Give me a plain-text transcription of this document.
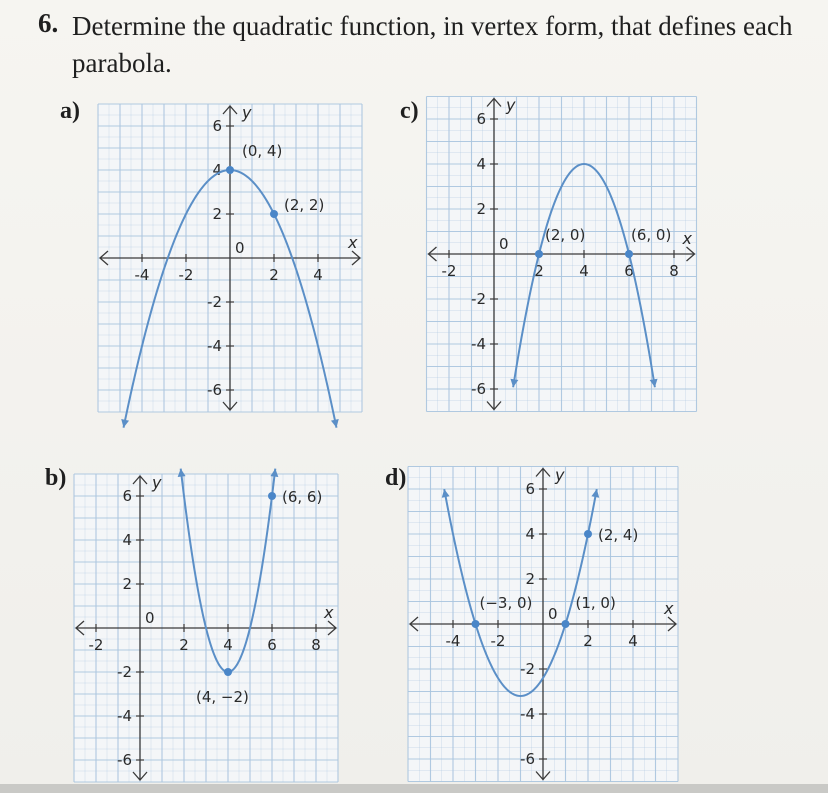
6. Determine the quadratic function, in vertex form, that defines each parabola.
a)	c)
b)	d)
x
y
-4 -2	2 4
6
4
2
-2
-4
-6
0
(0, 4)
(2, 2)
x
y
-2	2 4 6 8
6
4
2
-2
-4
-6
0 (2, 0)	(6, 0)
x
y
-2	2 4 6 8
6
4
2
-2
-4
-6
0
(4, −2)
(6, 6)
x
y
-4 -2	2 4
6
4
2
-2
-4
-6
0
(−3, 0)	(1, 0)
(2, 4)
